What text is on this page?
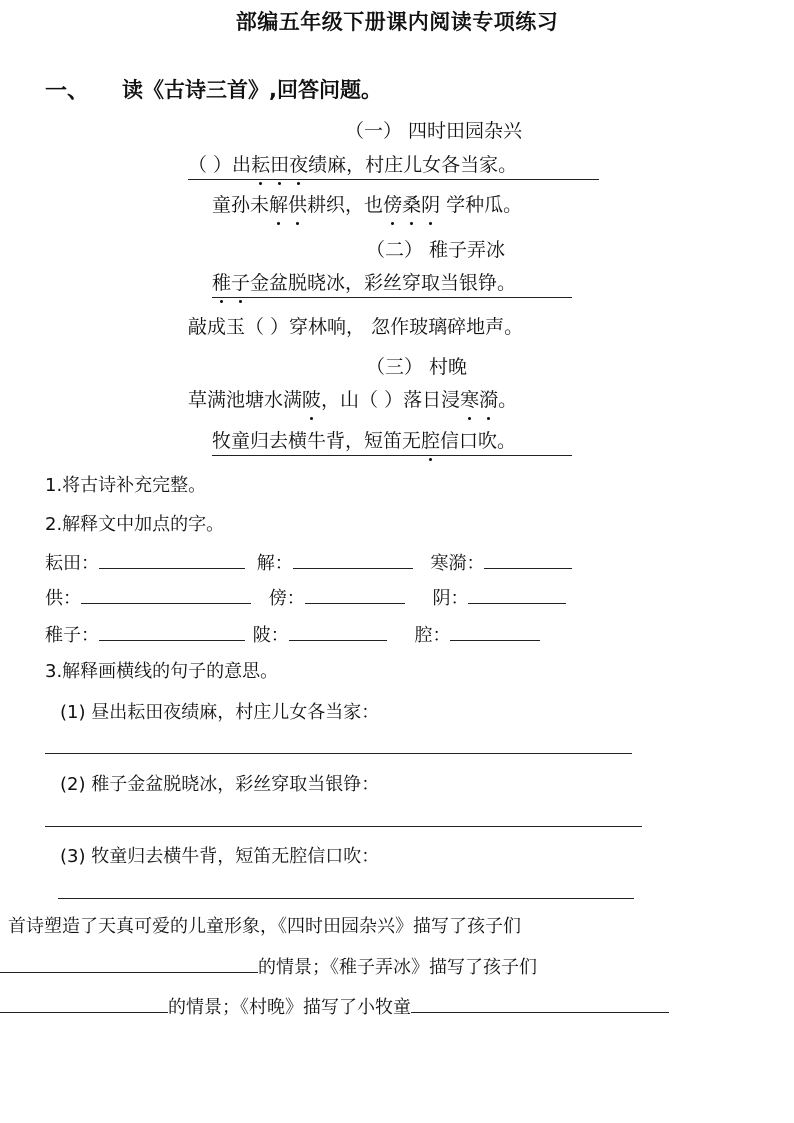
部编五年级下册课内阅读专项练习
一、 读《古诗三首》,回答问题。
（一） 四时田园杂兴
（ ）出耘田夜绩麻，村庄儿女各当家。
童孙未解供耕织，也傍桑阴 学种瓜。
（二） 稚子弄冰
稚子金盆脱晓冰，彩丝穿取当银铮。
敲成玉（ ）穿林响， 忽作玻璃碎地声。
（三） 村晚
草满池塘水满陂，山（ ）落日浸寒漪。
牧童归去横牛背，短笛无腔信口吹。
1.将古诗补充完整。
2.解释文中加点的字。
耘田：	解：	寒漪：
供：	傍：	阴：
稚子：	陂：	腔：
3.解释画横线的句子的意思。
(1) 昼出耘田夜绩麻，村庄儿女各当家：
(2) 稚子金盆脱晓冰，彩丝穿取当银铮：
(3) 牧童归去横牛背，短笛无腔信口吹：
首诗塑造了天真可爱的儿童形象，《四时田园杂兴》描写了孩子们
的情景；《稚子弄冰》描写了孩子们
的情景；《村晚》描写了小牧童
